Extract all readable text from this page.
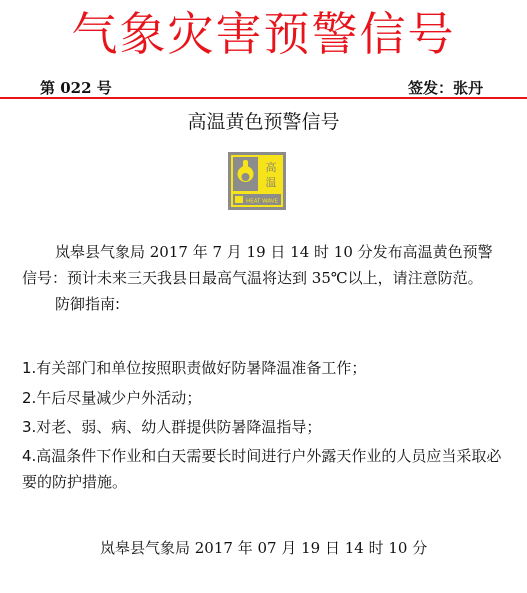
气象灾害预警信号
第 022 号	签发：张丹
高温黄色预警信号
高
温
HEAT WAVE
岚皋县气象局 2017 年 7 月 19 日 14 时 10 分发布高温黄色预警信号：预计未来三天我县日最高气温将达到 35℃以上，请注意防范。
防御指南:
1.有关部门和单位按照职责做好防暑降温准备工作；
2.午后尽量减少户外活动；
3.对老、弱、病、幼人群提供防暑降温指导；
4.高温条件下作业和白天需要长时间进行户外露天作业的人员应当采取必要的防护措施。
岚皋县气象局 2017 年 07 月 19 日 14 时 10 分
